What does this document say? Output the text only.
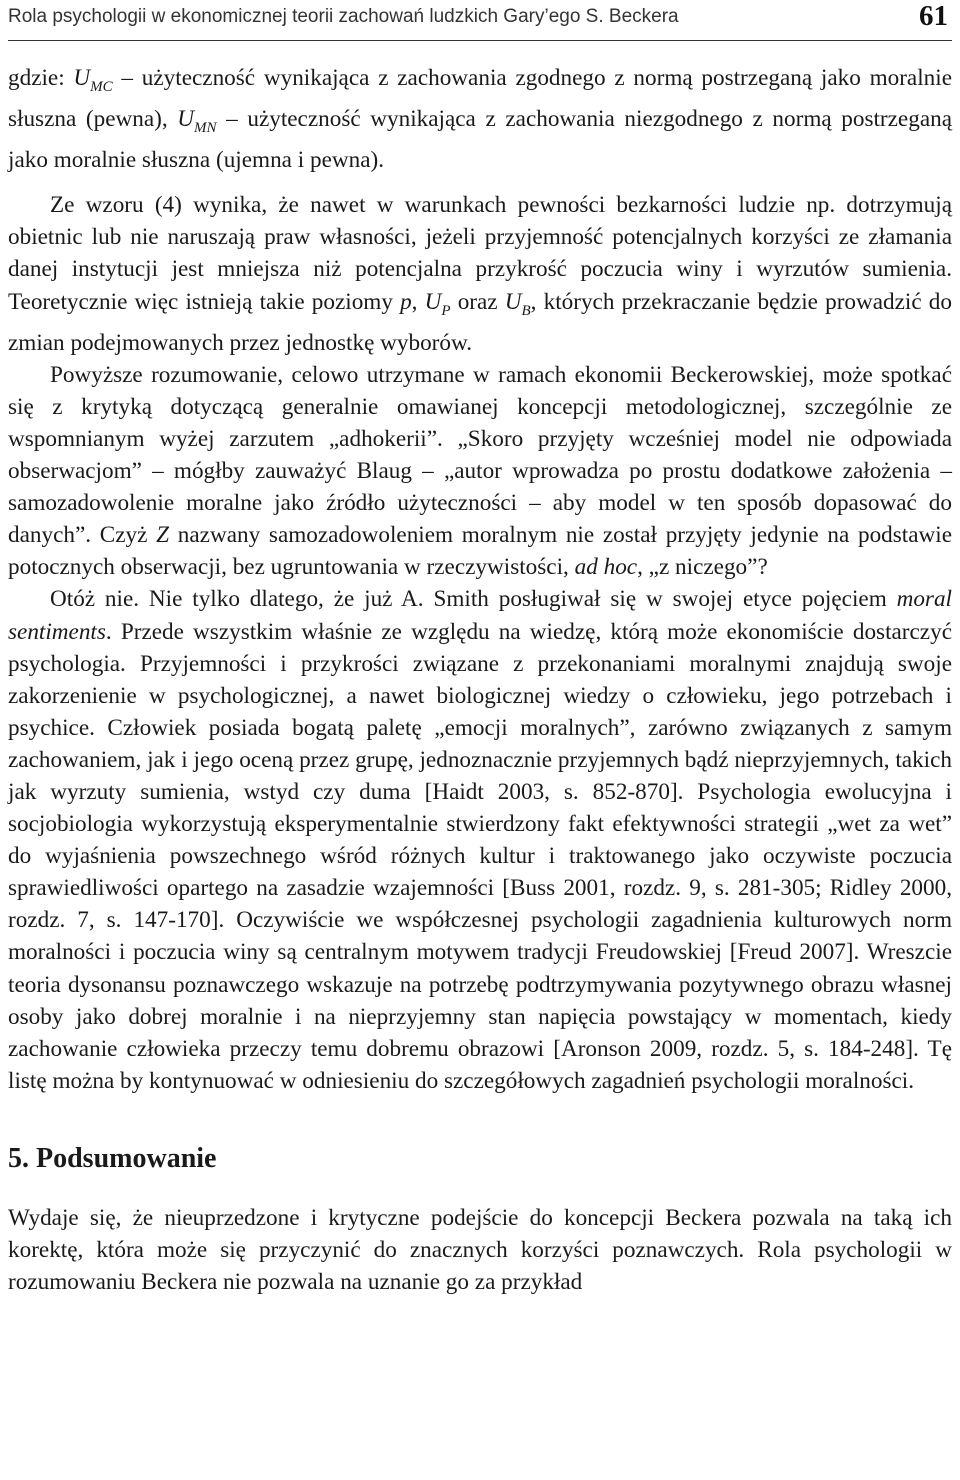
Rola psychologii w ekonomicznej teorii zachowań ludzkich Gary’ego S. Beckera	61

gdzie: $U_{MC}$ – użyteczność wynikająca z zachowania zgodnego z normą postrzeganą jako moralnie słuszna (pewna), $U_{MN}$ – użyteczność wynikająca z zachowania niezgodnego z normą postrzeganą jako moralnie słuszna (ujemna i pewna).

Ze wzoru (4) wynika, że nawet w warunkach pewności bezkarności ludzie np. dotrzymują obietnic lub nie naruszają praw własności, jeżeli przyjemność potencjalnych korzyści ze złamania danej instytucji jest mniejsza niż potencjalna przykrość poczucia winy i wyrzutów sumienia. Teoretycznie więc istnieją takie poziomy p, $U_P$ oraz $U_B$, których przekraczanie będzie prowadzić do zmian podejmowanych przez jednostkę wyborów.

Powyższe rozumowanie, celowo utrzymane w ramach ekonomii Beckerowskiej, może spotkać się z krytyką dotyczącą generalnie omawianej koncepcji metodologicznej, szczególnie ze wspomnianym wyżej zarzutem „adhokerii”. „Skoro przyjęty wcześniej model nie odpowiada obserwacjom” – mógłby zauważyć Blaug – „autor wprowadza po prostu dodatkowe założenia – samozadowolenie moralne jako źródło użyteczności – aby model w ten sposób dopasować do danych”. Czyż Z nazwany samozadowoleniem moralnym nie został przyjęty jedynie na podstawie potocznych obserwacji, bez ugruntowania w rzeczywistości, ad hoc, „z niczego”?

Otóż nie. Nie tylko dlatego, że już A. Smith posługiwał się w swojej etyce pojęciem moral sentiments. Przede wszystkim właśnie ze względu na wiedzę, którą może ekonomiście dostarczyć psychologia. Przyjemności i przykrości związane z przekonaniami moralnymi znajdują swoje zakorzenienie w psychologicznej, a nawet biologicznej wiedzy o człowieku, jego potrzebach i psychice. Człowiek posiada bogatą paletę „emocji moralnych”, zarówno związanych z samym zachowaniem, jak i jego oceną przez grupę, jednoznacznie przyjemnych bądź nieprzyjemnych, takich jak wyrzuty sumienia, wstyd czy duma [Haidt 2003, s. 852-870]. Psychologia ewolucyjna i socjobiologia wykorzystują eksperymentalnie stwierdzony fakt efektywności strategii „wet za wet” do wyjaśnienia powszechnego wśród różnych kultur i traktowanego jako oczywiste poczucia sprawiedliwości opartego na zasadzie wzajemności [Buss 2001, rozdz. 9, s. 281-305; Ridley 2000, rozdz. 7, s. 147-170]. Oczywiście we współczesnej psychologii zagadnienia kulturowych norm moralności i poczucia winy są centralnym motywem tradycji Freudowskiej [Freud 2007]. Wreszcie teoria dysonansu poznawczego wskazuje na potrzebę podtrzymywania pozytywnego obrazu własnej osoby jako dobrej moralnie i na nieprzyjemny stan napięcia powstający w momentach, kiedy zachowanie człowieka przeczy temu dobremu obrazowi [Aronson 2009, rozdz. 5, s. 184-248]. Tę listę można by kontynuować w odniesieniu do szczegółowych zagadnień psychologii moralności.

5. Podsumowanie

Wydaje się, że nieuprzedzone i krytyczne podejście do koncepcji Beckera pozwala na taką ich korektę, która może się przyczynić do znacznych korzyści poznawczych. Rola psychologii w rozumowaniu Beckera nie pozwala na uznanie go za przykład
